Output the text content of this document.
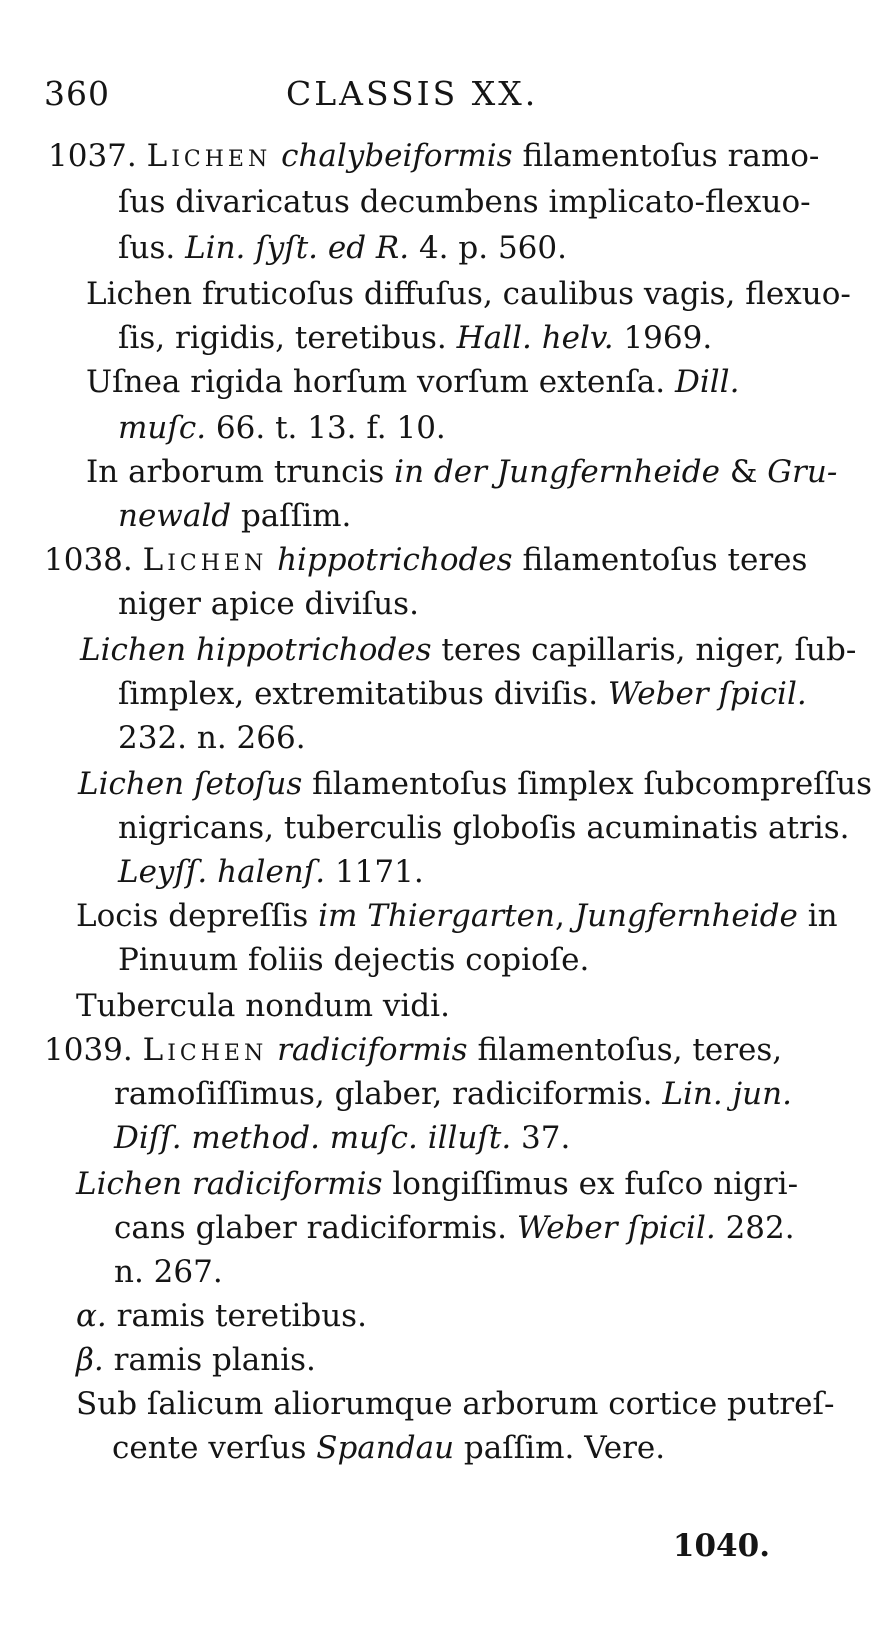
360	CLASSIS XX.
1037. Lichen chalybeiformis filamentoſus ramo-
ſus divaricatus decumbens implicato-flexuo-
ſus. Lin. ſyſt. ed R. 4. p. 560.
Lichen fruticoſus diffuſus, caulibus vagis, flexuo-
ſis, rigidis, teretibus. Hall. helv. 1969.
Uſnea rigida horſum vorſum extenſa. Dill.
muſc. 66. t. 13. f. 10.
In arborum truncis in der Jungfernheide & Gru-
newald paſſim.
1038. Lichen hippotrichodes filamentoſus teres
niger apice diviſus.
Lichen hippotrichodes teres capillaris, niger, ſub-
ſimplex, extremitatibus diviſis. Weber ſpicil.
232. n. 266.
Lichen ſetoſus filamentoſus ſimplex ſubcompreſſus
nigricans, tuberculis globoſis acuminatis atris.
Leyſſ. halenſ. 1171.
Locis depreſſis im Thiergarten, Jungfernheide in
Pinuum foliis dejectis copioſe.
Tubercula nondum vidi.
1039. Lichen radiciformis filamentoſus, teres,
ramoſiſſimus, glaber, radiciformis. Lin. jun.
Diſſ. method. muſc. illuſt. 37.
Lichen radiciformis longiſſimus ex fuſco nigri-
cans glaber radiciformis. Weber ſpicil. 282.
n. 267.
α. ramis teretibus.
β. ramis planis.
Sub ſalicum aliorumque arborum cortice putreſ-
cente verſus Spandau paſſim. Vere.
1040.
